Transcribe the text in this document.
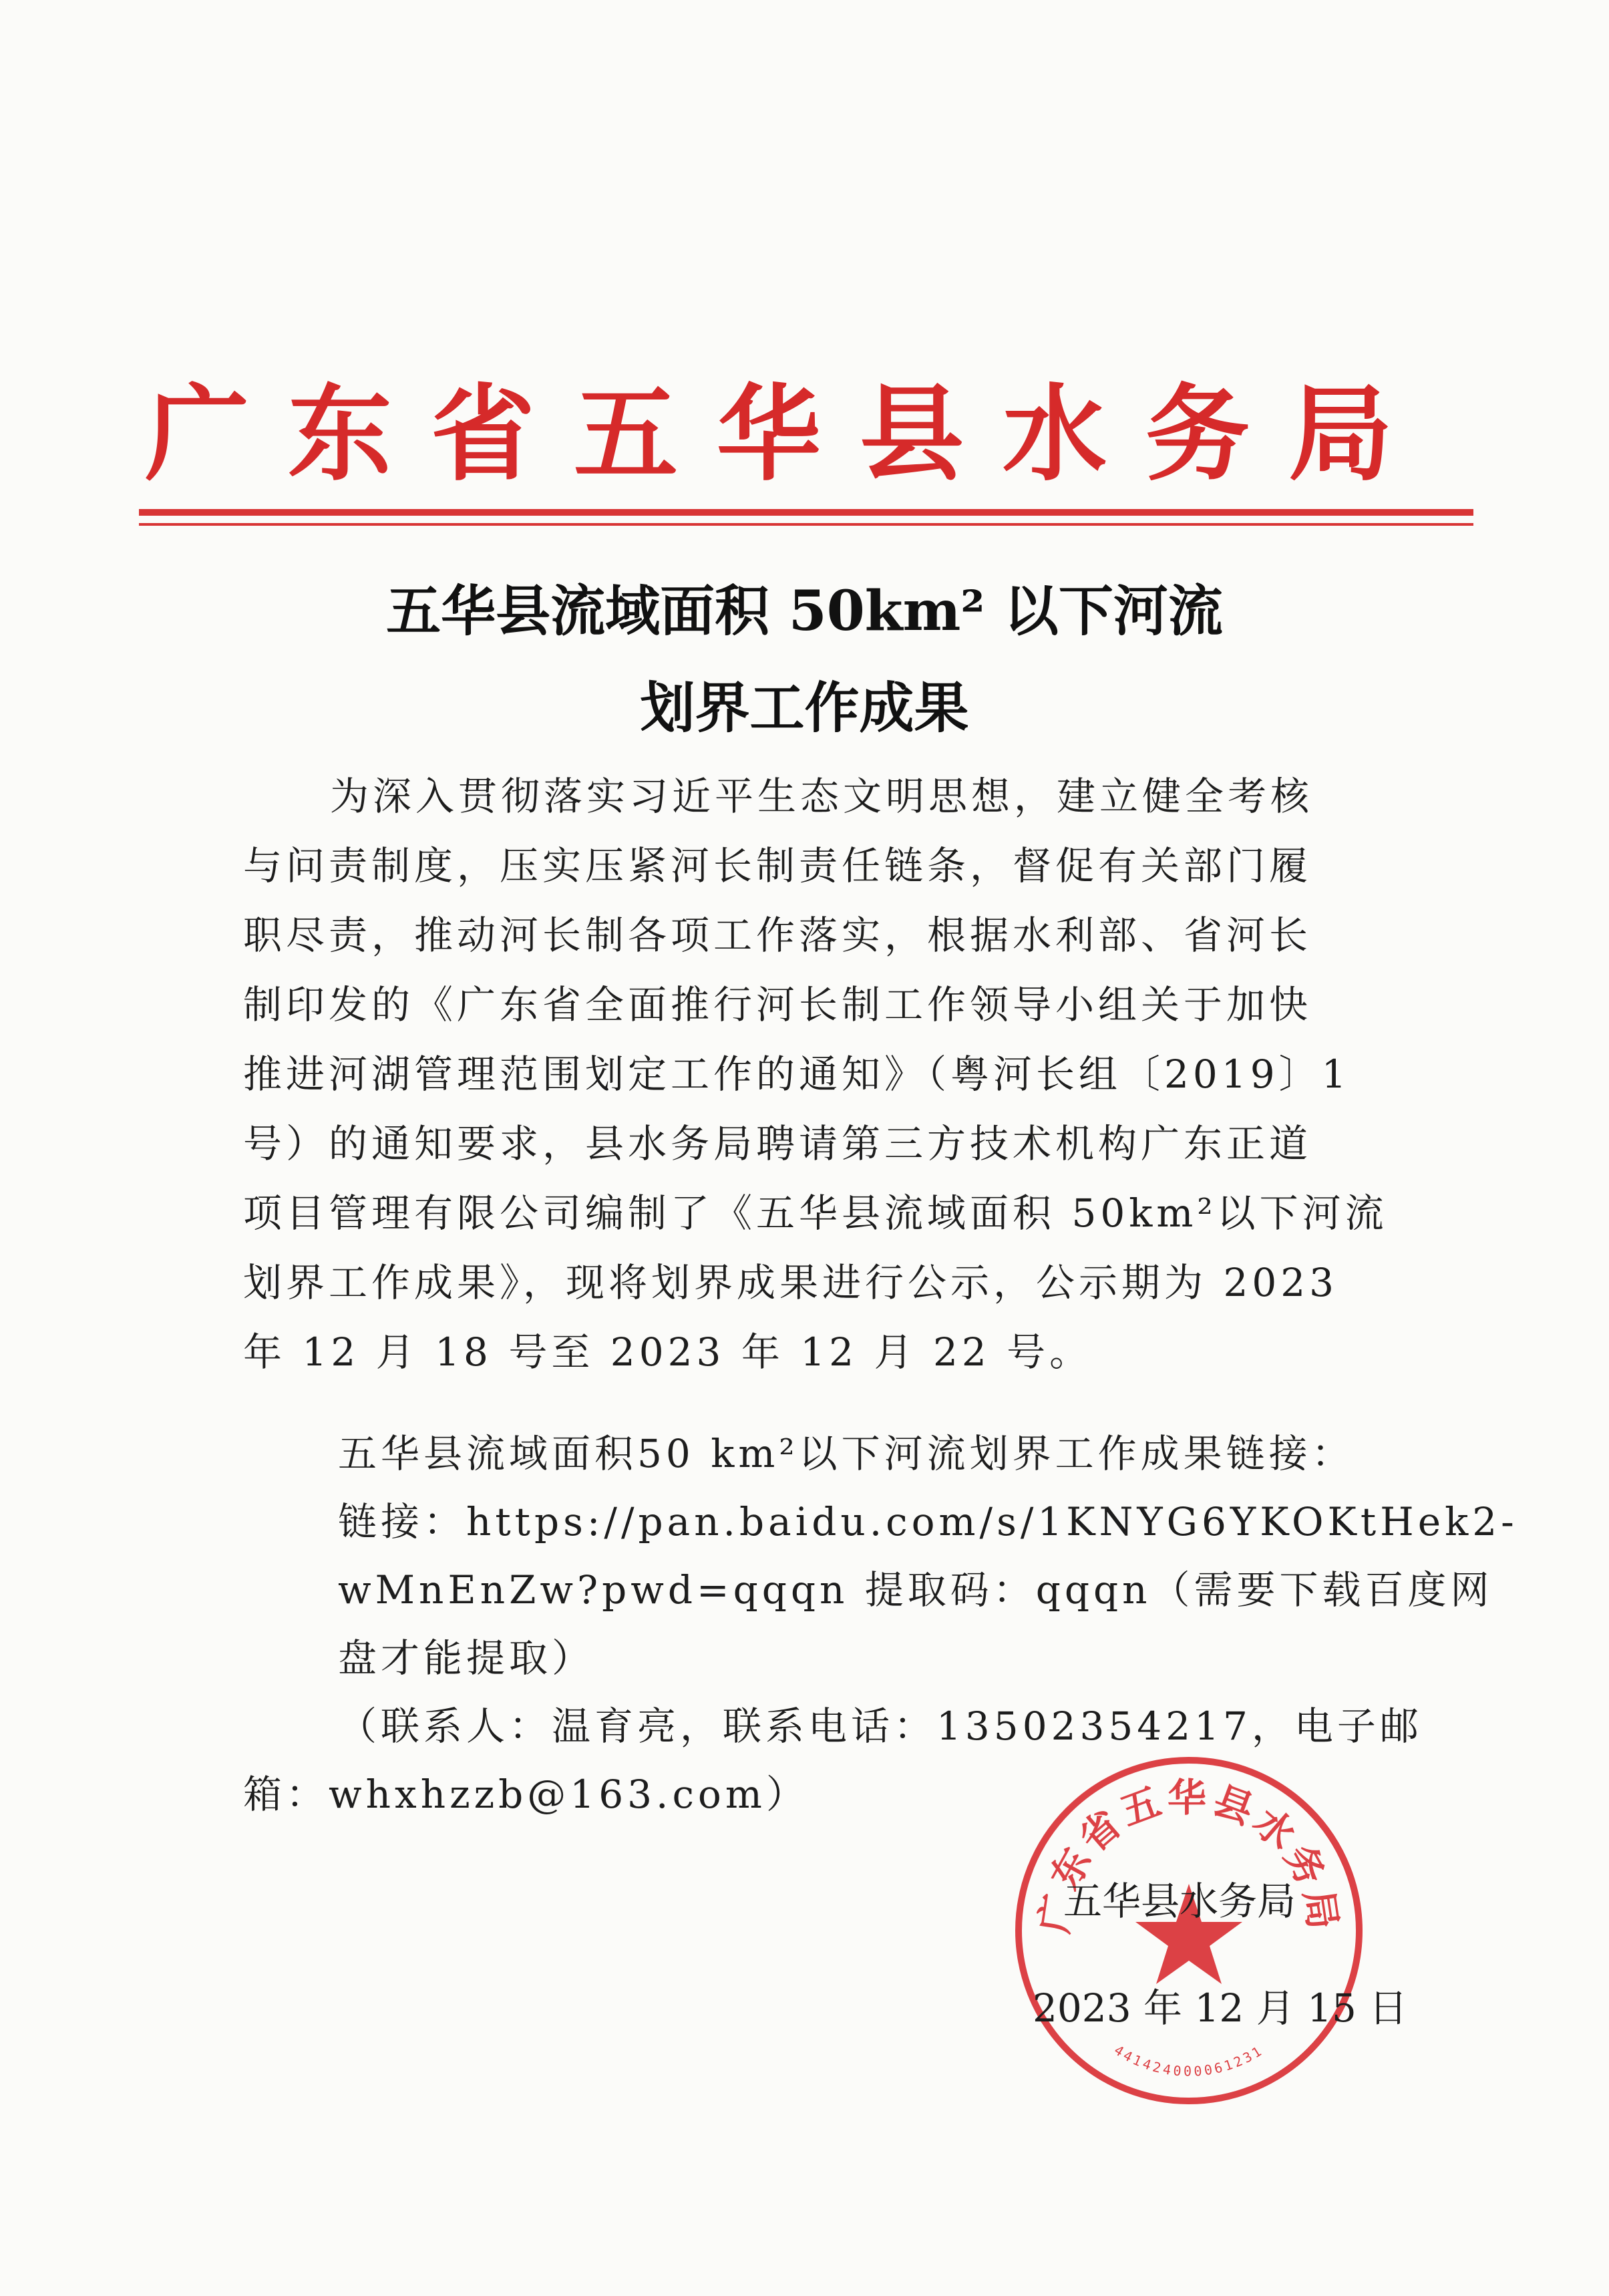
广东省五华县水务局
五华县流域面积 50km² 以下河流
划界工作成果
为深入贯彻落实习近平生态文明思想，建立健全考核
与问责制度，压实压紧河长制责任链条，督促有关部门履
职尽责，推动河长制各项工作落实，根据水利部、省河长
制印发的《广东省全面推行河长制工作领导小组关于加快
推进河湖管理范围划定工作的通知》（粤河长组〔2019〕1
号）的通知要求，县水务局聘请第三方技术机构广东正道
项目管理有限公司编制了《五华县流域面积 50km²以下河流
划界工作成果》，现将划界成果进行公示，公示期为 2023
年 12 月 18 号至 2023 年 12 月 22 号。
五华县流域面积50 km²以下河流划界工作成果链接：
链接：https://pan.baidu.com/s/1KNYG6YKOKtHek2-
wMnEnZw?pwd=qqqn 提取码：qqqn（需要下载百度网
盘才能提取）
（联系人：温育亮，联系电话：13502354217，电子邮
箱：whxhzzb@163.com）
广东省五华县水务局
441424000061231
五华县水务局
2023 年 12 月 15 日
